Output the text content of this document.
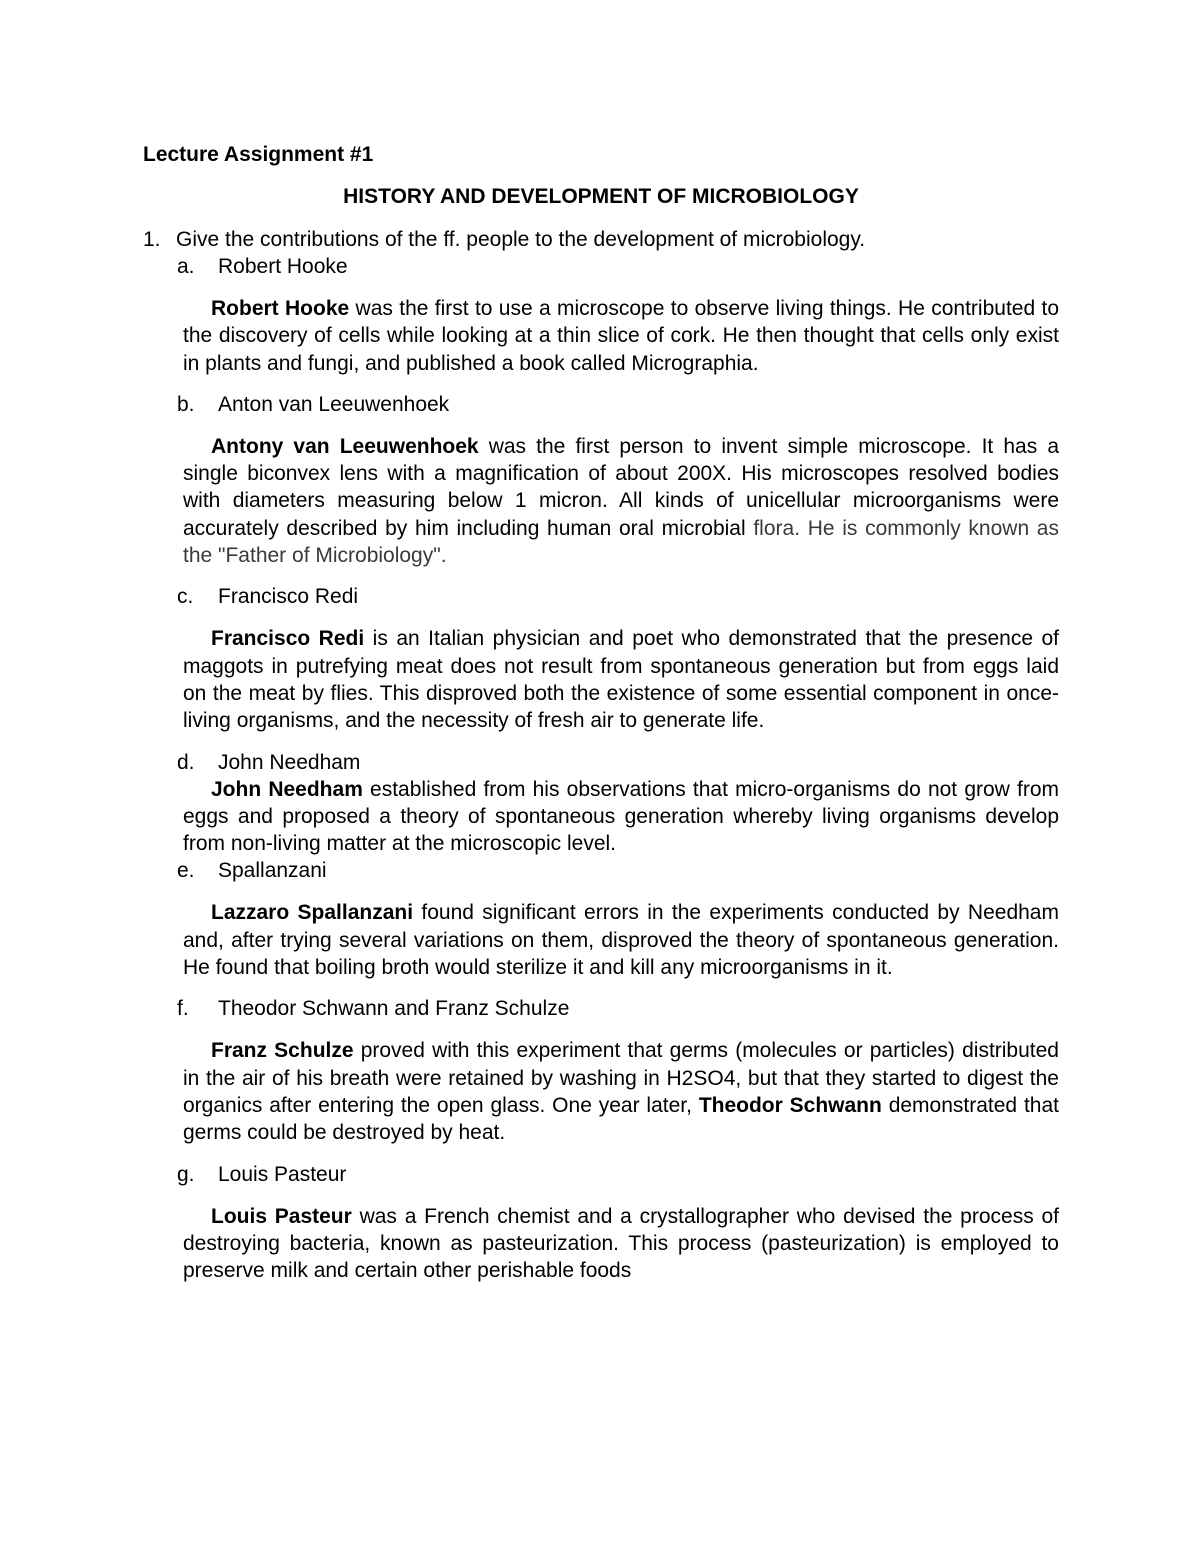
Lecture Assignment #1

HISTORY AND DEVELOPMENT OF MICROBIOLOGY

1. Give the contributions of the ff. people to the development of microbiology.
a.	Robert Hooke

Robert Hooke was the first to use a microscope to observe living things. He contributed to the discovery of cells while looking at a thin slice of cork. He then thought that cells only exist in plants and fungi, and published a book called Micrographia.

b.	Anton van Leeuwenhoek

Antony van Leeuwenhoek was the first person to invent simple microscope. It has a single biconvex lens with a magnification of about 200X. His microscopes resolved bodies with diameters measuring below 1 micron. All kinds of unicellular microorganisms were accurately described by him including human oral microbial flora. He is commonly known as the "Father of Microbiology".

c.	Francisco Redi

Francisco Redi is an Italian physician and poet who demonstrated that the presence of maggots in putrefying meat does not result from spontaneous generation but from eggs laid on the meat by flies. This disproved both the existence of some essential component in once-living organisms, and the necessity of fresh air to generate life.

d.	John Needham

John Needham established from his observations that micro-organisms do not grow from eggs and proposed a theory of spontaneous generation whereby living organisms develop from non-living matter at the microscopic level.

e.	Spallanzani

Lazzaro Spallanzani found significant errors in the experiments conducted by Needham and, after trying several variations on them, disproved the theory of spontaneous generation. He found that boiling broth would sterilize it and kill any microorganisms in it.

f.	Theodor Schwann and Franz Schulze

Franz Schulze proved with this experiment that germs (molecules or particles) distributed in the air of his breath were retained by washing in H2SO4, but that they started to digest the organics after entering the open glass. One year later, Theodor Schwann demonstrated that germs could be destroyed by heat.

g.	Louis Pasteur

Louis Pasteur was a French chemist and a crystallographer who devised the process of destroying bacteria, known as pasteurization. This process (pasteurization) is employed to preserve milk and certain other perishable foods
